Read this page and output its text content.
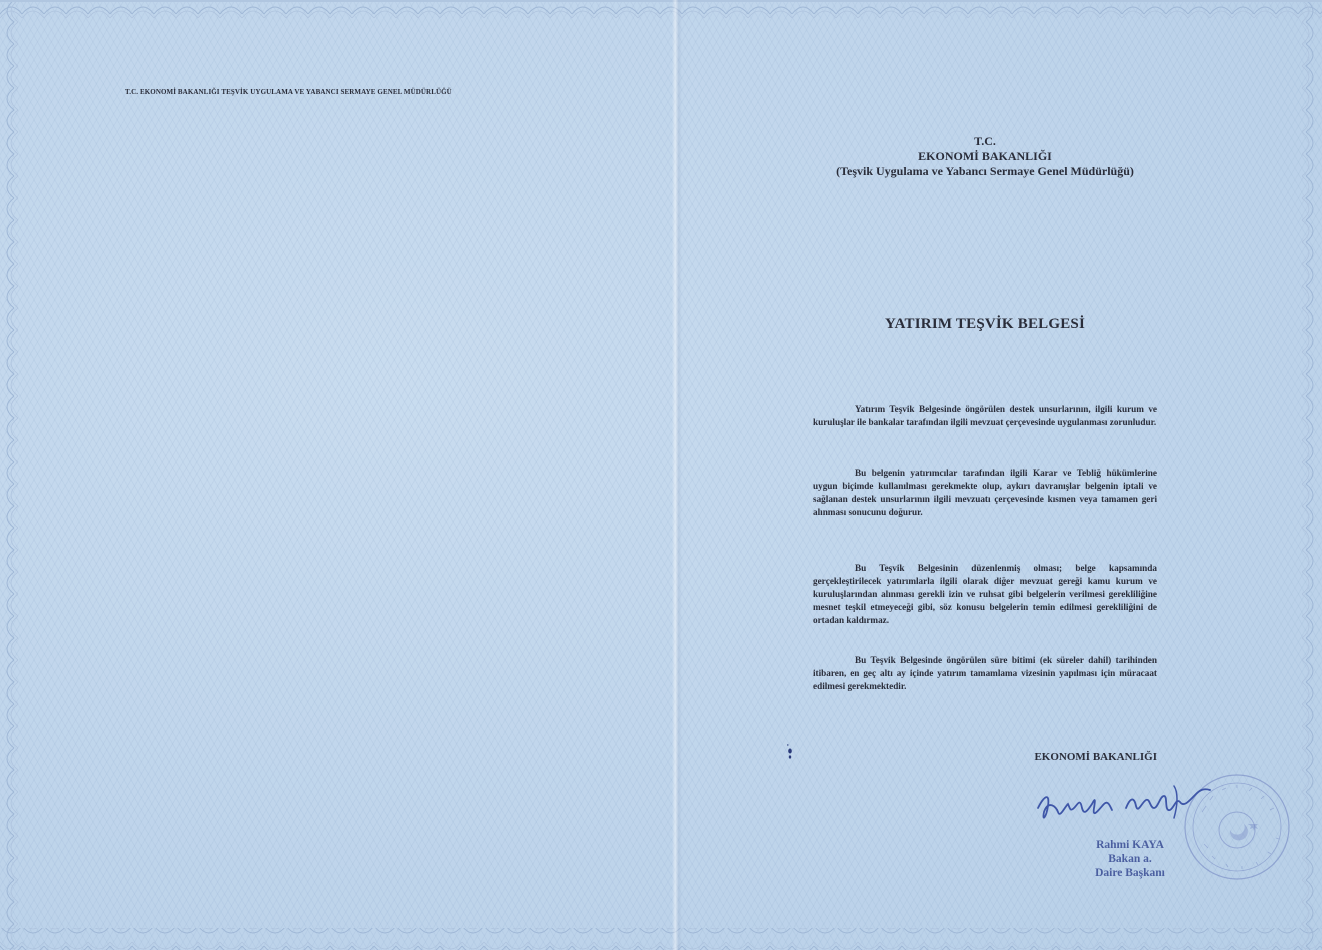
T.C. EKONOMİ BAKANLIĞI TEŞVİK UYGULAMA VE YABANCI SERMAYE GENEL MÜDÜRLÜĞÜ
T.C.
EKONOMİ BAKANLIĞI
(Teşvik Uygulama ve Yabancı Sermaye Genel Müdürlüğü)
YATIRIM TEŞVİK BELGESİ

Yatırım Teşvik Belgesinde öngörülen destek unsurlarının, ilgili kurum ve kuruluşlar ile bankalar tarafından ilgili mevzuat çerçevesinde uygulanması zorunludur.

Bu belgenin yatırımcılar tarafından ilgili Karar ve Tebliğ hükümlerine uygun biçimde kullanılması gerekmekte olup, aykırı davranışlar belgenin iptali ve sağlanan destek unsurlarının ilgili mevzuatı çerçevesinde kısmen veya tamamen geri alınması sonucunu doğurur.

Bu Teşvik Belgesinin düzenlenmiş olması; belge kapsamında gerçekleştirilecek yatırımlarla ilgili olarak diğer mevzuat gereği kamu kurum ve kuruluşlarından alınması gerekli izin ve ruhsat gibi belgelerin verilmesi gerekliliğine mesnet teşkil etmeyeceği gibi, söz konusu belgelerin temin edilmesi gerekliliğini de ortadan kaldırmaz.

Bu Teşvik Belgesinde öngörülen süre bitimi (ek süreler dahil) tarihinden itibaren, en geç altı ay içinde yatırım tamamlama vizesinin yapılması için müracaat edilmesi gerekmektedir.

EKONOMİ BAKANLIĞI
Rahmi KAYA
Bakan a.
Daire Başkanı
